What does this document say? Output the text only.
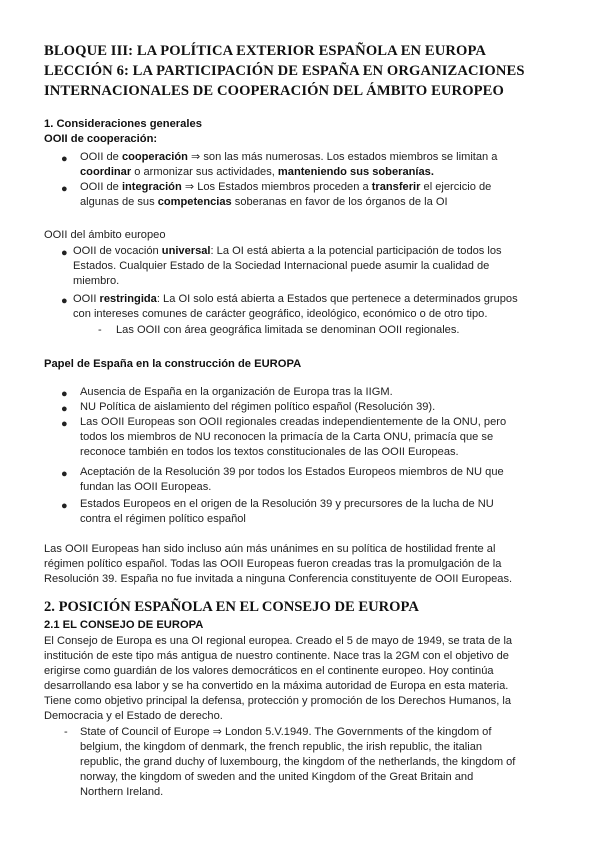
BLOQUE III: LA POLÍTICA EXTERIOR ESPAÑOLA EN EUROPA
LECCIÓN 6: LA PARTICIPACIÓN DE ESPAÑA EN ORGANIZACIONES
INTERNACIONALES DE COOPERACIÓN DEL ÁMBITO EUROPEO
1. Consideraciones generales
OOII de cooperación:
● OOII de cooperación ⇒ son las más numerosas. Los estados miembros se limitan a
coordinar o armonizar sus actividades, manteniendo sus soberanías.
● OOII de integración ⇒ Los Estados miembros proceden a transferir el ejercicio de
algunas de sus competencias soberanas en favor de los órganos de la OI
OOII del ámbito europeo
● OOII de vocación universal: La OI está abierta a la potencial participación de todos los
Estados. Cualquier Estado de la Sociedad Internacional puede asumir la cualidad de
miembro.
● OOII restringida: La OI solo está abierta a Estados que pertenece a determinados grupos
con intereses comunes de carácter geográfico, ideológico, económico o de otro tipo.
- Las OOII con área geográfica limitada se denominan OOII regionales.
Papel de España en la construcción de EUROPA
● Ausencia de España en la organización de Europa tras la IIGM.
● NU Política de aislamiento del régimen político español (Resolución 39).
● Las OOII Europeas son OOII regionales creadas independientemente de la ONU, pero
todos los miembros de NU reconocen la primacía de la Carta ONU, primacía que se
reconoce también en todos los textos constitucionales de las OOII Europeas.
● Aceptación de la Resolución 39 por todos los Estados Europeos miembros de NU que
fundan las OOII Europeas.
● Estados Europeos en el origen de la Resolución 39 y precursores de la lucha de NU
contra el régimen político español
Las OOII Europeas han sido incluso aún más unánimes en su política de hostilidad frente al
régimen político español. Todas las OOII Europeas fueron creadas tras la promulgación de la
Resolución 39. España no fue invitada a ninguna Conferencia constituyente de OOII Europeas.
2. POSICIÓN ESPAÑOLA EN EL CONSEJO DE EUROPA
2.1 EL CONSEJO DE EUROPA
El Consejo de Europa es una OI regional europea. Creado el 5 de mayo de 1949, se trata de la
institución de este tipo más antigua de nuestro continente. Nace tras la 2GM con el objetivo de
erigirse como guardián de los valores democráticos en el continente europeo. Hoy continúa
desarrollando esa labor y se ha convertido en la máxima autoridad de Europa en esta materia.
Tiene como objetivo principal la defensa, protección y promoción de los Derechos Humanos, la
Democracia y el Estado de derecho.
- State of Council of Europe ⇒ London 5.V.1949. The Governments of the kingdom of
belgium, the kingdom of denmark, the french republic, the irish republic, the italian
republic, the grand duchy of luxembourg, the kingdom of the netherlands, the kingdom of
norway, the kingdom of sweden and the united Kingdom of the Great Britain and
Northern Ireland.
